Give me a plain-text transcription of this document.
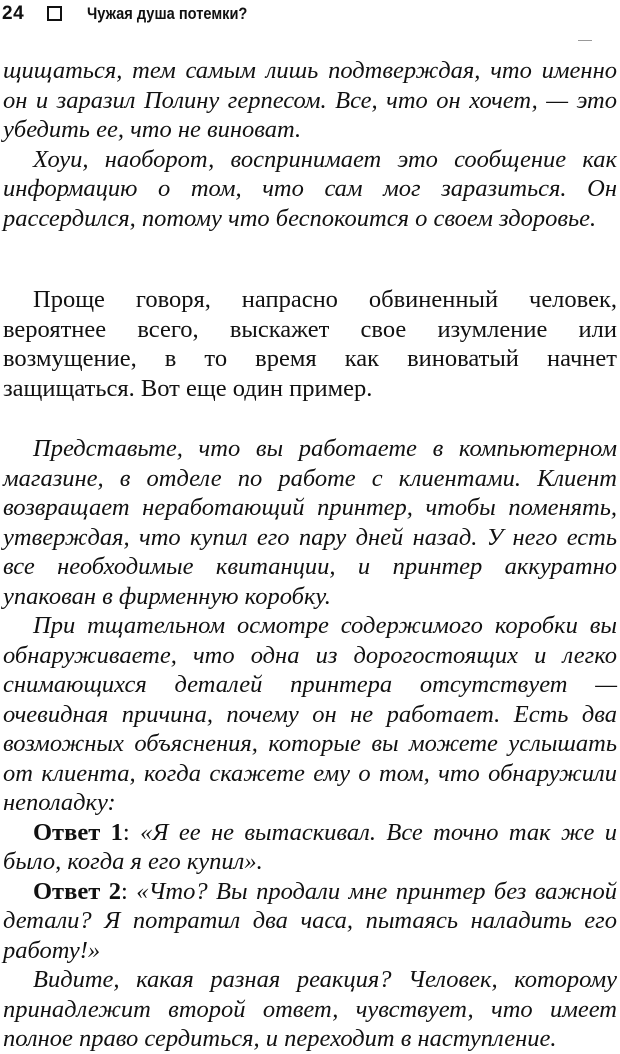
24	Чужая душа потемки?

щищаться, тем самым лишь подтверждая, что именно он и заразил Полину герпесом. Все, что он хочет, — это убедить ее, что не виноват.

Хоуи, наоборот, воспринимает это сообщение как информацию о том, что сам мог заразиться. Он рассердился, потому что беспокоится о своем здоровье.

Проще говоря, напрасно обвиненный человек, вероятнее всего, выскажет свое изумление или возмущение, в то время как виноватый начнет защищаться. Вот еще один пример.

Представьте, что вы работаете в компьютерном магазине, в отделе по работе с клиентами. Клиент возвращает неработающий принтер, чтобы поменять, утверждая, что купил его пару дней назад. У него есть все необходимые квитанции, и принтер аккуратно упакован в фирменную коробку.

При тщательном осмотре содержимого коробки вы обнаруживаете, что одна из дорогостоящих и легко снимающихся деталей принтера отсутствует — очевидная причина, почему он не работает. Есть два возможных объяснения, которые вы можете услышать от клиента, когда скажете ему о том, что обнаружили неполадку:

Ответ 1: «Я ее не вытаскивал. Все точно так же и было, когда я его купил».

Ответ 2: «Что? Вы продали мне принтер без важной детали? Я потратил два часа, пытаясь наладить его работу!»

Видите, какая разная реакция? Человек, которому принадлежит второй ответ, чувствует, что имеет полное право сердиться, и переходит в наступление.
